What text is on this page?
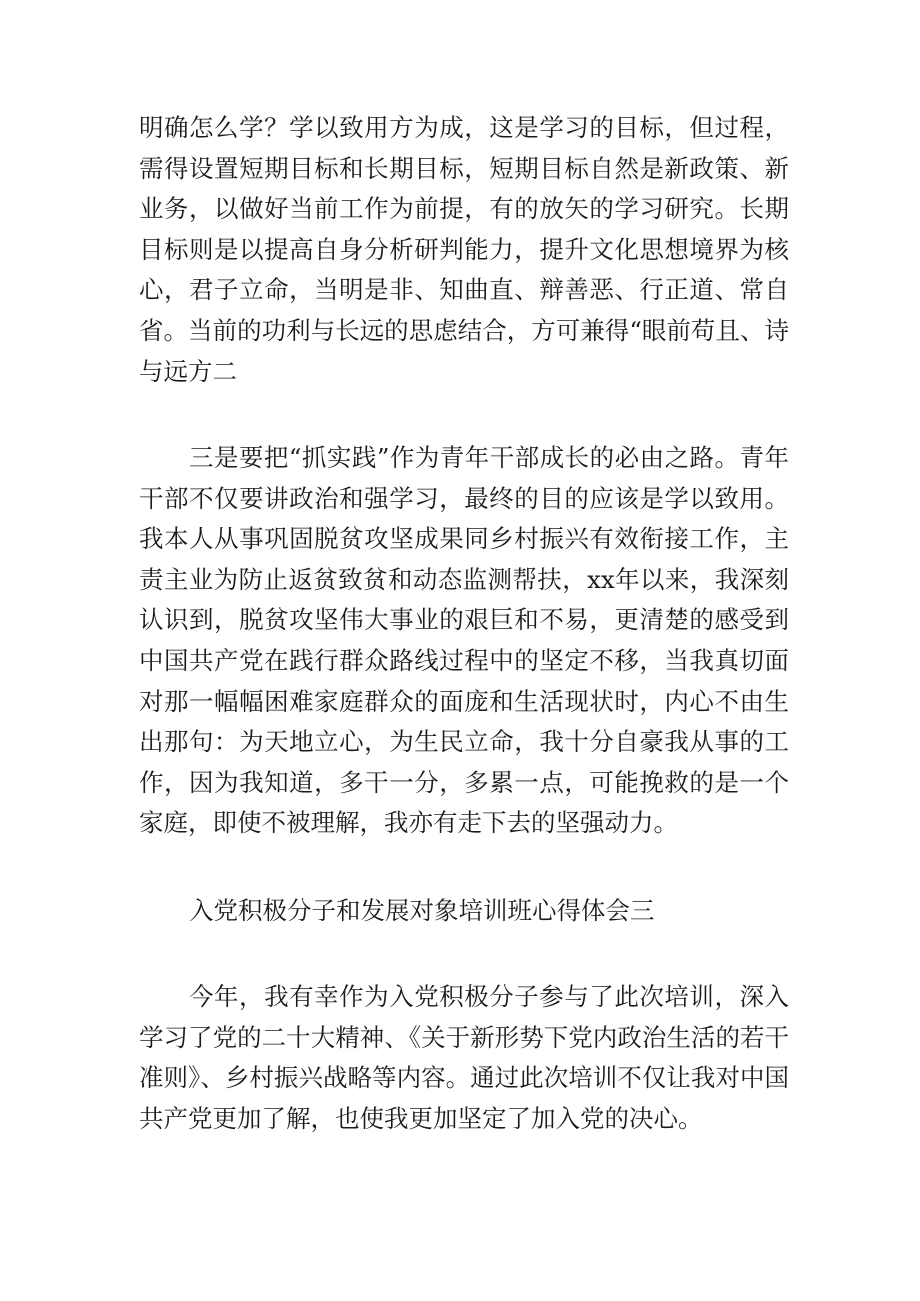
明确怎么学？学以致用方为成，这是学习的目标，但过程，需得设置短期目标和长期目标，短期目标自然是新政策、新业务，以做好当前工作为前提，有的放矢的学习研究。长期目标则是以提高自身分析研判能力，提升文化思想境界为核心，君子立命，当明是非、知曲直、辩善恶、行正道、常自省。当前的功利与长远的思虑结合，方可兼得“眼前苟且、诗与远方二

三是要把“抓实践”作为青年干部成长的必由之路。青年干部不仅要讲政治和强学习，最终的目的应该是学以致用。我本人从事巩固脱贫攻坚成果同乡村振兴有效衔接工作，主责主业为防止返贫致贫和动态监测帮扶，xx年以来，我深刻认识到，脱贫攻坚伟大事业的艰巨和不易，更清楚的感受到中国共产党在践行群众路线过程中的坚定不移，当我真切面对那一幅幅困难家庭群众的面庞和生活现状时，内心不由生出那句：为天地立心，为生民立命，我十分自豪我从事的工作，因为我知道，多干一分，多累一点，可能挽救的是一个家庭，即使不被理解，我亦有走下去的坚强动力。

入党积极分子和发展对象培训班心得体会三

今年，我有幸作为入党积极分子参与了此次培训，深入学习了党的二十大精神、《关于新形势下党内政治生活的若干准则》、乡村振兴战略等内容。通过此次培训不仅让我对中国共产党更加了解，也使我更加坚定了加入党的决心。
